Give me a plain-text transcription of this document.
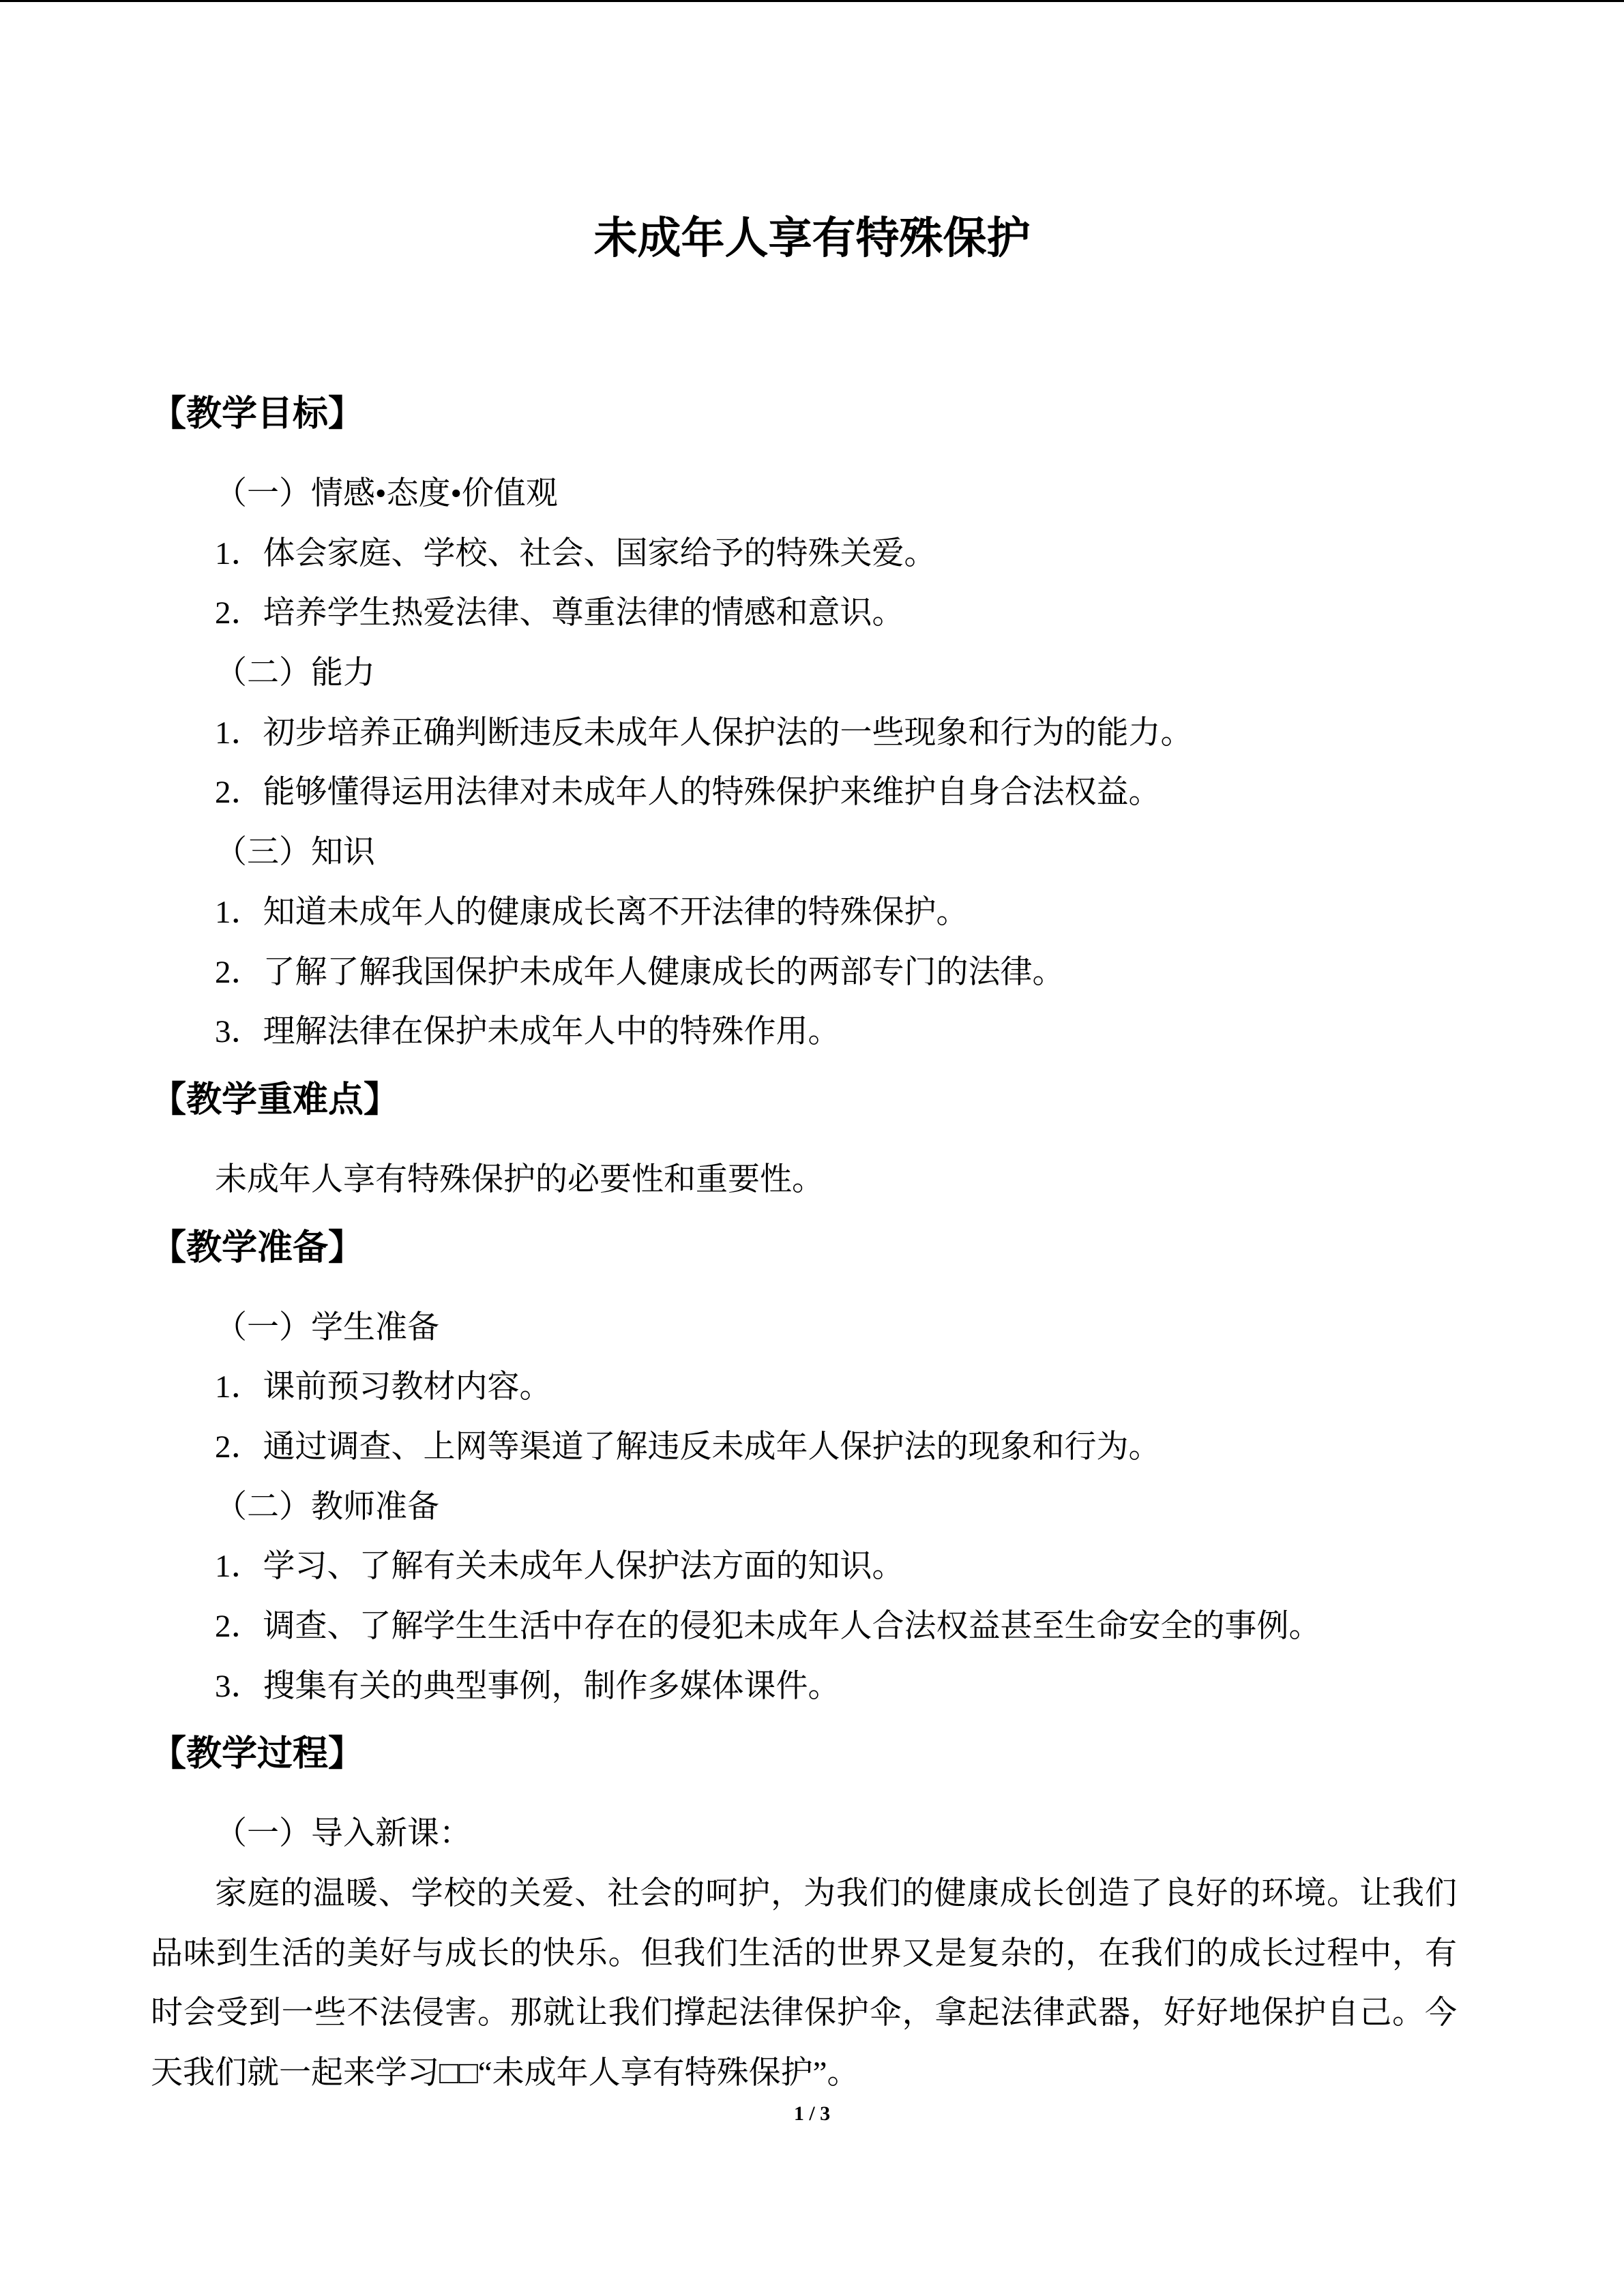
未成年人享有特殊保护
【教学目标】
（一）情感•态度•价值观
1．体会家庭、学校、社会、国家给予的特殊关爱。
2．培养学生热爱法律、尊重法律的情感和意识。
（二）能力
1．初步培养正确判断违反未成年人保护法的一些现象和行为的能力。
2．能够懂得运用法律对未成年人的特殊保护来维护自身合法权益。
（三）知识
1．知道未成年人的健康成长离不开法律的特殊保护。
2．了解了解我国保护未成年人健康成长的两部专门的法律。
3．理解法律在保护未成年人中的特殊作用。
【教学重难点】
未成年人享有特殊保护的必要性和重要性。
【教学准备】
（一）学生准备
1．课前预习教材内容。
2．通过调查、上网等渠道了解违反未成年人保护法的现象和行为。
（二）教师准备
1．学习、了解有关未成年人保护法方面的知识。
2．调查、了解学生生活中存在的侵犯未成年人合法权益甚至生命安全的事例。
3．搜集有关的典型事例，制作多媒体课件。
【教学过程】
（一）导入新课：
家庭的温暖、学校的关爱、社会的呵护，为我们的健康成长创造了良好的环境。让我们
品味到生活的美好与成长的快乐。但我们生活的世界又是复杂的，在我们的成长过程中，有
时会受到一些不法侵害。那就让我们撑起法律保护伞，拿起法律武器，好好地保护自己。今
天我们就一起来学习□□“未成年人享有特殊保护”。
1 / 3
